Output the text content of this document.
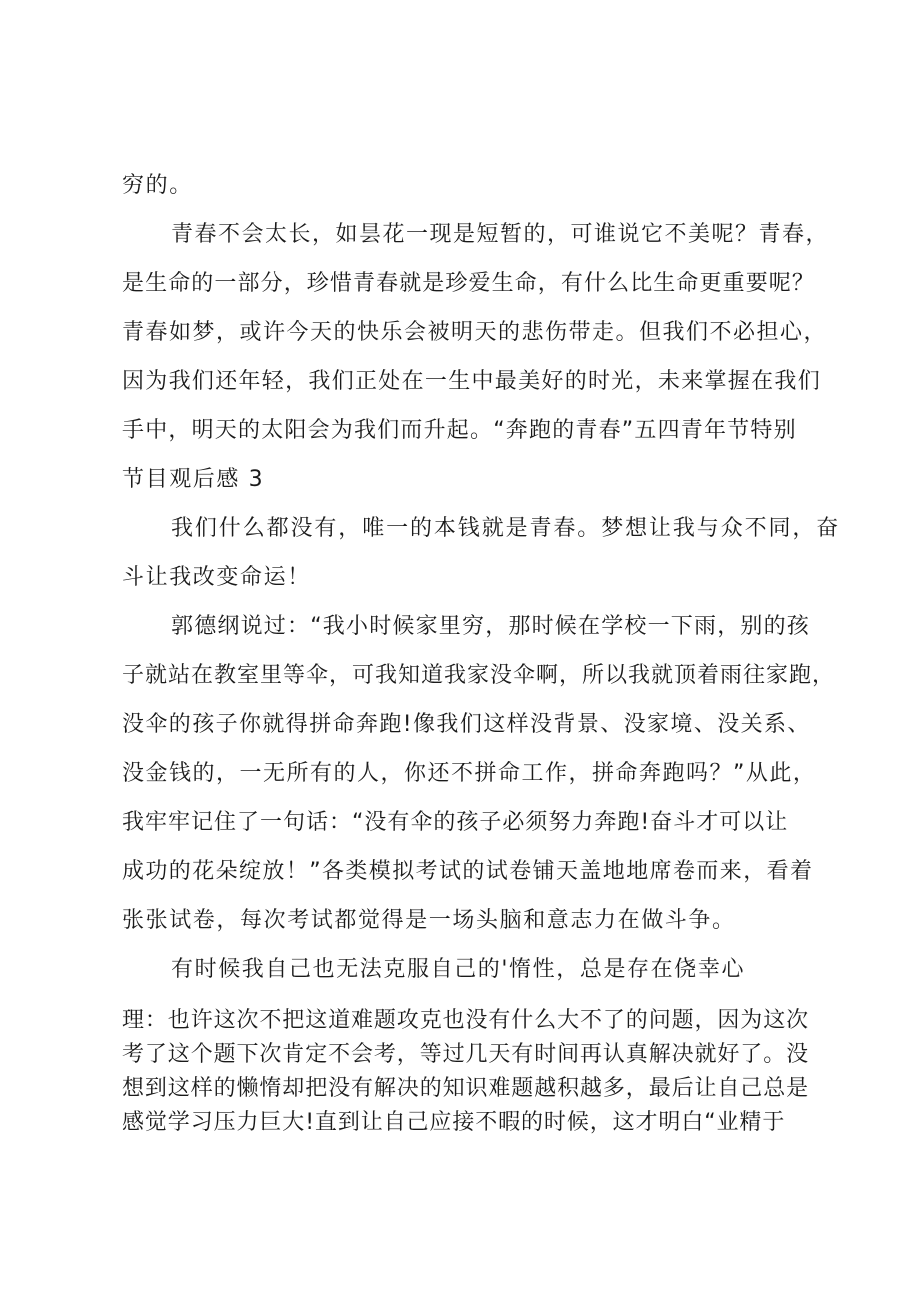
穷的。
青春不会太长，如昙花一现是短暂的，可谁说它不美呢？青春，
是生命的一部分，珍惜青春就是珍爱生命，有什么比生命更重要呢？
青春如梦，或许今天的快乐会被明天的悲伤带走。但我们不必担心，
因为我们还年轻，我们正处在一生中最美好的时光，未来掌握在我们
手中，明天的太阳会为我们而升起。“奔跑的青春”五四青年节特别
节目观后感 3
我们什么都没有，唯一的本钱就是青春。梦想让我与众不同，奋
斗让我改变命运！
郭德纲说过：“我小时候家里穷，那时候在学校一下雨，别的孩
子就站在教室里等伞，可我知道我家没伞啊，所以我就顶着雨往家跑，
没伞的孩子你就得拼命奔跑!像我们这样没背景、没家境、没关系、
没金钱的，一无所有的人，你还不拼命工作，拼命奔跑吗？”从此，
我牢牢记住了一句话：“没有伞的孩子必须努力奔跑!奋斗才可以让
成功的花朵绽放！”各类模拟考试的试卷铺天盖地地席卷而来，看着
张张试卷，每次考试都觉得是一场头脑和意志力在做斗争。
有时候我自己也无法克服自己的'惰性，总是存在侥幸心
理：也许这次不把这道难题攻克也没有什么大不了的问题，因为这次
考了这个题下次肯定不会考，等过几天有时间再认真解决就好了。没
想到这样的懒惰却把没有解决的知识难题越积越多，最后让自己总是
感觉学习压力巨大!直到让自己应接不暇的时候，这才明白“业精于
